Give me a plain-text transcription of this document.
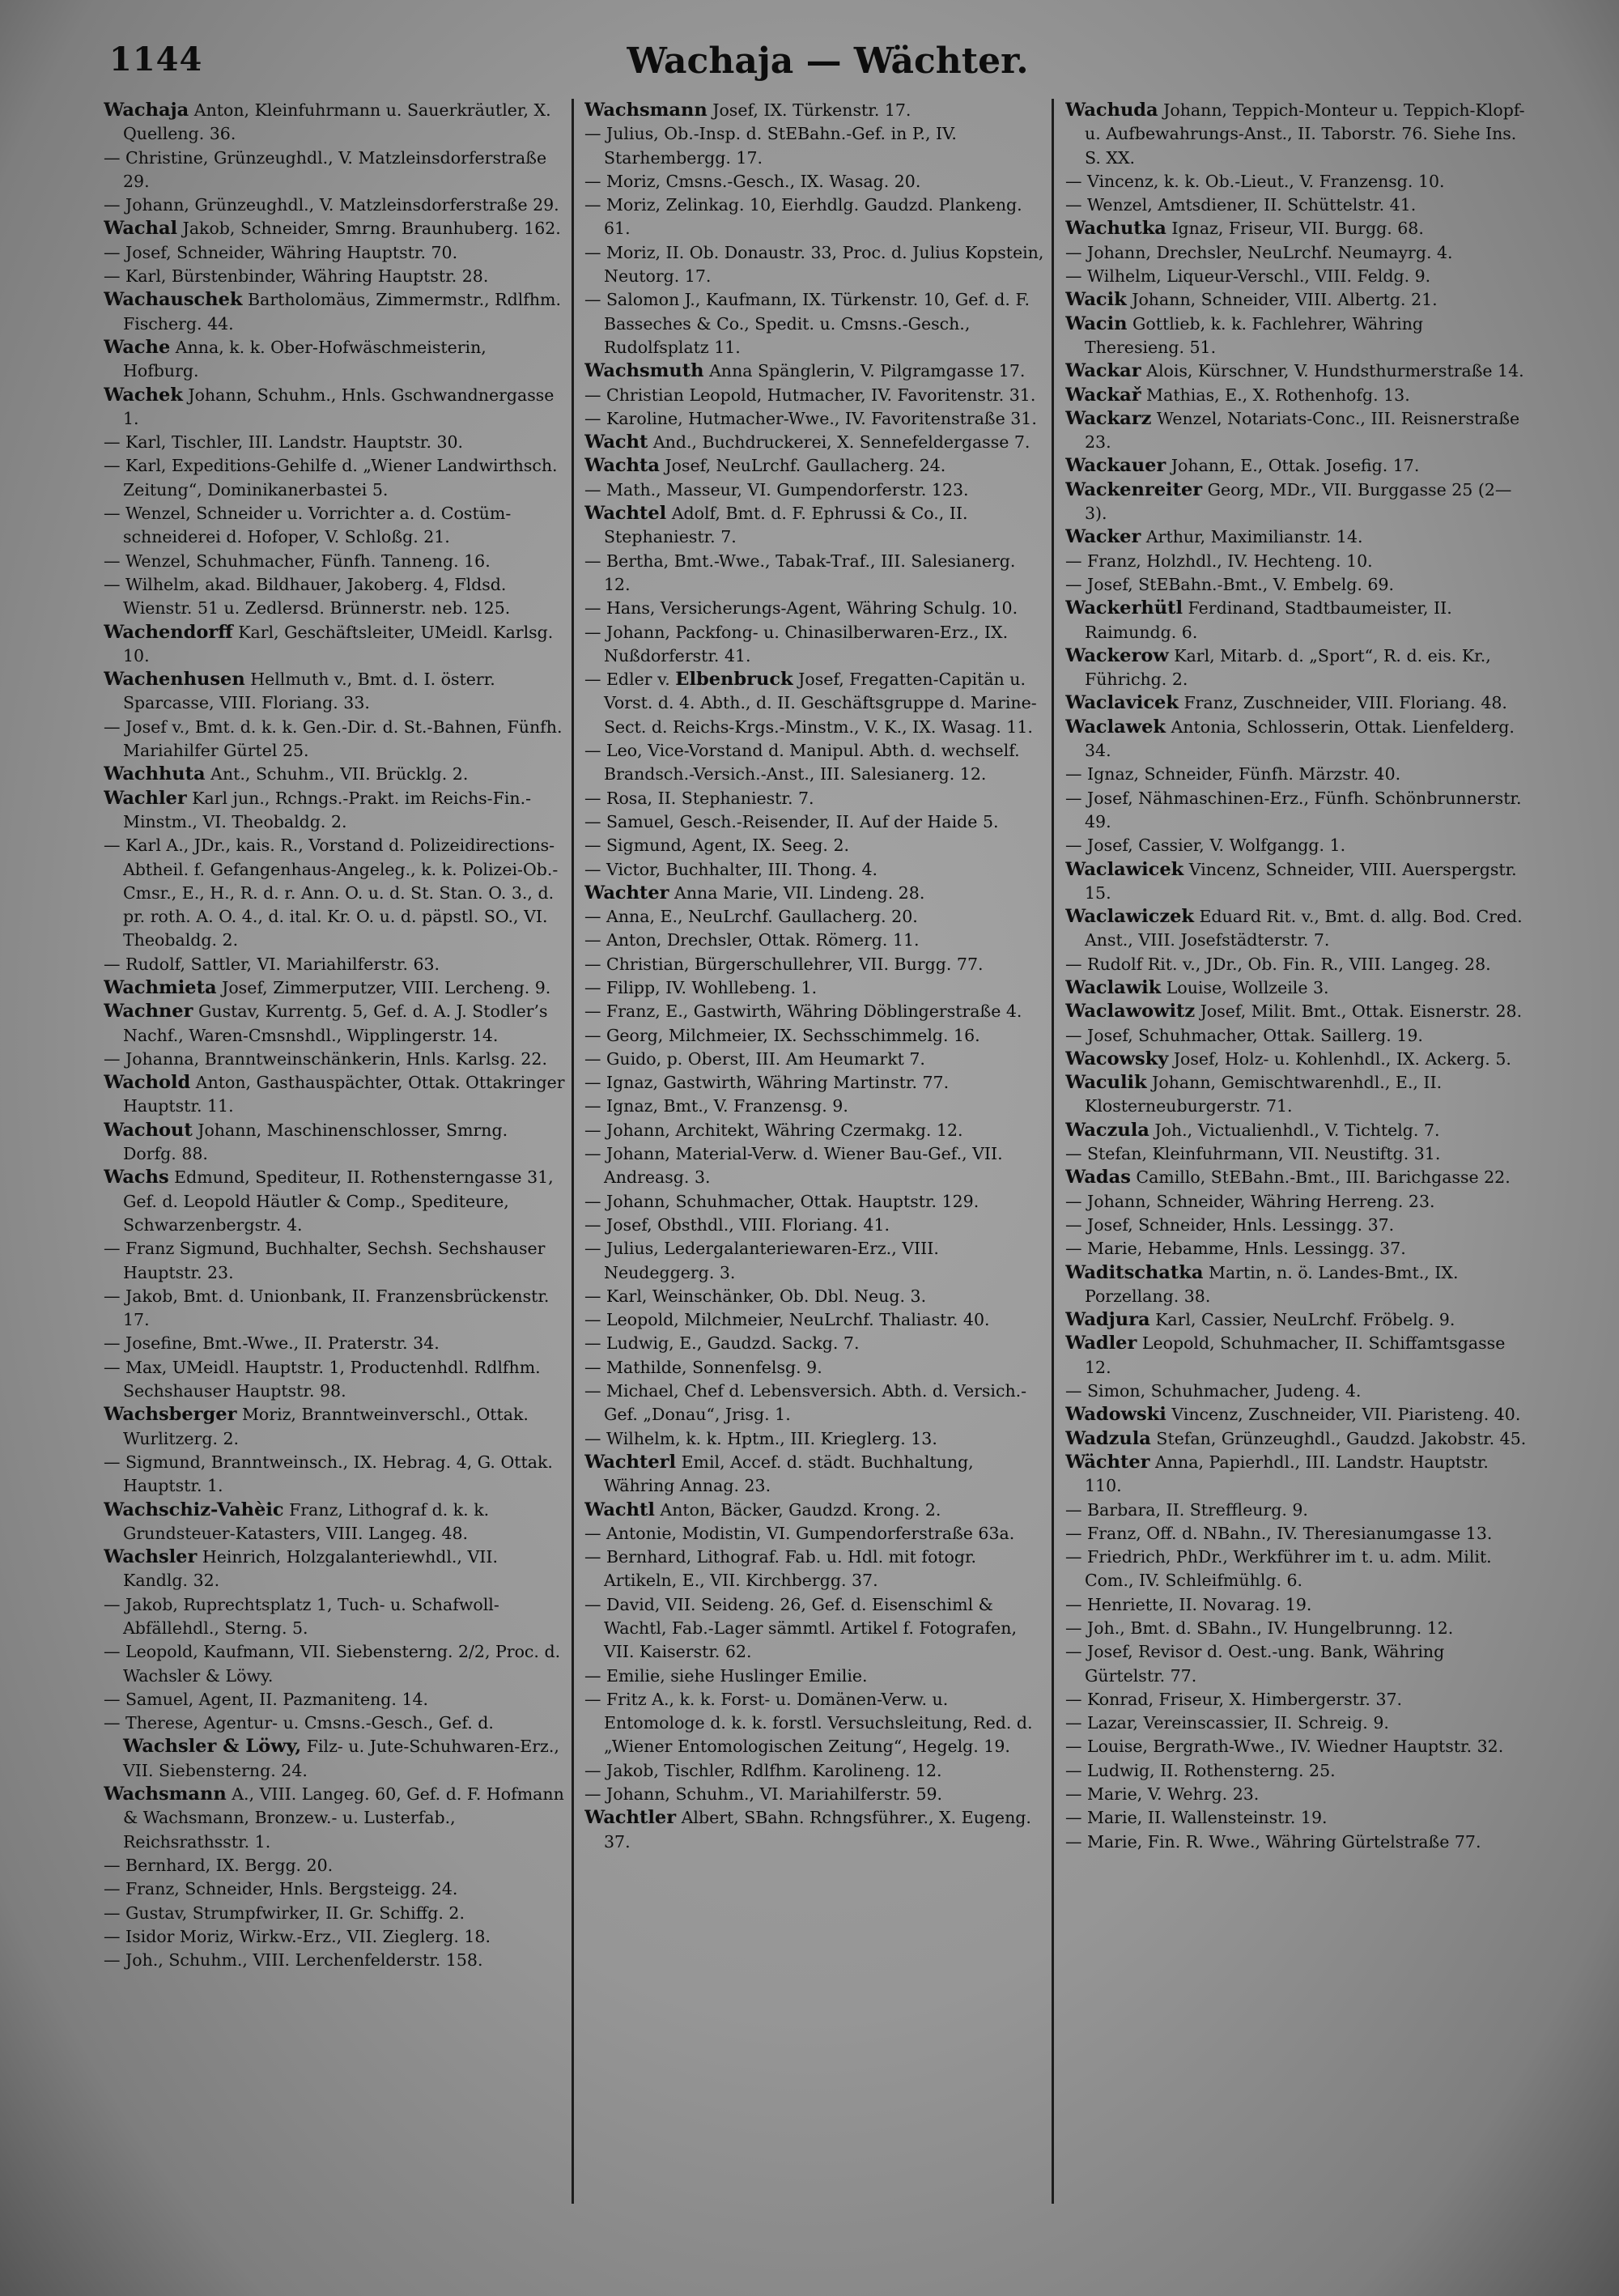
1144	Wachaja — Wächter.
Wachaja Anton, Kleinfuhrmann u. Sauerkräutler, X. Quelleng. 36.
— Christine, Grünzeughdl., V. Matzleinsdorferstraße 29.
— Johann, Grünzeughdl., V. Matzleinsdorferstraße 29.
Wachal Jakob, Schneider, Smrng. Braunhuberg. 162.
— Josef, Schneider, Währing Hauptstr. 70.
— Karl, Bürstenbinder, Währing Hauptstr. 28.
Wachauschek Bartholomäus, Zimmermstr., Rdlfhm. Fischerg. 44.
Wache Anna, k. k. Ober-Hofwäschmeisterin, Hofburg.
Wachek Johann, Schuhm., Hnls. Gschwandnergasse 1.
— Karl, Tischler, III. Landstr. Hauptstr. 30.
— Karl, Expeditions-Gehilfe d. „Wiener Landwirthsch. Zeitung“, Dominikanerbastei 5.
— Wenzel, Schneider u. Vorrichter a. d. Costümschneiderei d. Hofoper, V. Schloßg. 21.
— Wenzel, Schuhmacher, Fünfh. Tanneng. 16.
— Wilhelm, akad. Bildhauer, Jakoberg. 4, Fldsd. Wienstr. 51 u. Zedlersd. Brünnerstr. neb. 125.
Wachendorff Karl, Geschäftsleiter, UMeidl. Karlsg. 10.
Wachenhusen Hellmuth v., Bmt. d. I. österr. Sparcasse, VIII. Floriang. 33.
— Josef v., Bmt. d. k. k. Gen.-Dir. d. St.-Bahnen, Fünfh. Mariahilfer Gürtel 25.
Wachhuta Ant., Schuhm., VII. Brücklg. 2.
Wachler Karl jun., Rchngs.-Prakt. im Reichs-Fin.-Minstm., VI. Theobaldg. 2.
— Karl A., JDr., kais. R., Vorstand d. Polizeidirections-Abtheil. f. Gefangenhaus-Angeleg., k. k. Polizei-Ob.-Cmsr., E., H., R. d. r. Ann. O. u. d. St. Stan. O. 3., d. pr. roth. A. O. 4., d. ital. Kr. O. u. d. päpstl. SO., VI. Theobaldg. 2.
— Rudolf, Sattler, VI. Mariahilferstr. 63.
Wachmieta Josef, Zimmerputzer, VIII. Lercheng. 9.
Wachner Gustav, Kurrentg. 5, Gef. d. A. J. Stodler’s Nachf., Waren-Cmsnshdl., Wipplingerstr. 14.
— Johanna, Branntweinschänkerin, Hnls. Karlsg. 22.
Wachold Anton, Gasthauspächter, Ottak. Ottakringer Hauptstr. 11.
Wachout Johann, Maschinenschlosser, Smrng. Dorfg. 88.
Wachs Edmund, Spediteur, II. Rothensterngasse 31, Gef. d. Leopold Häutler & Comp., Spediteure, Schwarzenbergstr. 4.
— Franz Sigmund, Buchhalter, Sechsh. Sechshauser Hauptstr. 23.
— Jakob, Bmt. d. Unionbank, II. Franzensbrückenstr. 17.
— Josefine, Bmt.-Wwe., II. Praterstr. 34.
— Max, UMeidl. Hauptstr. 1, Productenhdl. Rdlfhm. Sechshauser Hauptstr. 98.
Wachsberger Moriz, Branntweinverschl., Ottak. Wurlitzerg. 2.
— Sigmund, Branntweinsch., IX. Hebrag. 4, G. Ottak. Hauptstr. 1.
Wachschiz-Vahèic Franz, Lithograf d. k. k. Grundsteuer-Katasters, VIII. Langeg. 48.
Wachsler Heinrich, Holzgalanteriewhdl., VII. Kandlg. 32.
— Jakob, Ruprechtsplatz 1, Tuch- u. Schafwoll-Abfällehdl., Sterng. 5.
— Leopold, Kaufmann, VII. Siebensterng. 2/2, Proc. d. Wachsler & Löwy.
— Samuel, Agent, II. Pazmaniteng. 14.
— Therese, Agentur- u. Cmsns.-Gesch., Gef. d. Wachsler & Löwy, Filz- u. Jute-Schuhwaren-Erz., VII. Siebensterng. 24.
Wachsmann A., VIII. Langeg. 60, Gef. d. F. Hofmann & Wachsmann, Bronzew.- u. Lusterfab., Reichsrathsstr. 1.
— Bernhard, IX. Bergg. 20.
— Franz, Schneider, Hnls. Bergsteigg. 24.
— Gustav, Strumpfwirker, II. Gr. Schiffg. 2.
— Isidor Moriz, Wirkw.-Erz., VII. Zieglerg. 18.
— Joh., Schuhm., VIII. Lerchenfelderstr. 158.
Wachsmann Josef, IX. Türkenstr. 17.
— Julius, Ob.-Insp. d. StEBahn.-Gef. in P., IV. Starhembergg. 17.
— Moriz, Cmsns.-Gesch., IX. Wasag. 20.
— Moriz, Zelinkag. 10, Eierhdlg. Gaudzd. Plankeng. 61.
— Moriz, II. Ob. Donaustr. 33, Proc. d. Julius Kopstein, Neutorg. 17.
— Salomon J., Kaufmann, IX. Türkenstr. 10, Gef. d. F. Basseches & Co., Spedit. u. Cmsns.-Gesch., Rudolfsplatz 11.
Wachsmuth Anna Spänglerin, V. Pilgramgasse 17.
— Christian Leopold, Hutmacher, IV. Favoritenstr. 31.
— Karoline, Hutmacher-Wwe., IV. Favoritenstraße 31.
Wacht And., Buchdruckerei, X. Sennefeldergasse 7.
Wachta Josef, NeuLrchf. Gaullacherg. 24.
— Math., Masseur, VI. Gumpendorferstr. 123.
Wachtel Adolf, Bmt. d. F. Ephrussi & Co., II. Stephaniestr. 7.
— Bertha, Bmt.-Wwe., Tabak-Traf., III. Salesianerg. 12.
— Hans, Versicherungs-Agent, Währing Schulg. 10.
— Johann, Packfong- u. Chinasilberwaren-Erz., IX. Nußdorferstr. 41.
— Edler v. Elbenbruck Josef, Fregatten-Capitän u. Vorst. d. 4. Abth., d. II. Geschäftsgruppe d. Marine-Sect. d. Reichs-Krgs.-Minstm., V. K., IX. Wasag. 11.
— Leo, Vice-Vorstand d. Manipul. Abth. d. wechself. Brandsch.-Versich.-Anst., III. Salesianerg. 12.
— Rosa, II. Stephaniestr. 7.
— Samuel, Gesch.-Reisender, II. Auf der Haide 5.
— Sigmund, Agent, IX. Seeg. 2.
— Victor, Buchhalter, III. Thong. 4.
Wachter Anna Marie, VII. Lindeng. 28.
— Anna, E., NeuLrchf. Gaullacherg. 20.
— Anton, Drechsler, Ottak. Römerg. 11.
— Christian, Bürgerschullehrer, VII. Burgg. 77.
— Filipp, IV. Wohllebeng. 1.
— Franz, E., Gastwirth, Währing Döblingerstraße 4.
— Georg, Milchmeier, IX. Sechsschimmelg. 16.
— Guido, p. Oberst, III. Am Heumarkt 7.
— Ignaz, Gastwirth, Währing Martinstr. 77.
— Ignaz, Bmt., V. Franzensg. 9.
— Johann, Architekt, Währing Czermakg. 12.
— Johann, Material-Verw. d. Wiener Bau-Gef., VII. Andreasg. 3.
— Johann, Schuhmacher, Ottak. Hauptstr. 129.
— Josef, Obsthdl., VIII. Floriang. 41.
— Julius, Ledergalanteriewaren-Erz., VIII. Neudeggerg. 3.
— Karl, Weinschänker, Ob. Dbl. Neug. 3.
— Leopold, Milchmeier, NeuLrchf. Thaliastr. 40.
— Ludwig, E., Gaudzd. Sackg. 7.
— Mathilde, Sonnenfelsg. 9.
— Michael, Chef d. Lebensversich. Abth. d. Versich.-Gef. „Donau“, Jrisg. 1.
— Wilhelm, k. k. Hptm., III. Krieglerg. 13.
Wachterl Emil, Accef. d. städt. Buchhaltung, Währing Annag. 23.
Wachtl Anton, Bäcker, Gaudzd. Krong. 2.
— Antonie, Modistin, VI. Gumpendorferstraße 63a.
— Bernhard, Lithograf. Fab. u. Hdl. mit fotogr. Artikeln, E., VII. Kirchbergg. 37.
— David, VII. Seideng. 26, Gef. d. Eisenschiml & Wachtl, Fab.-Lager sämmtl. Artikel f. Fotografen, VII. Kaiserstr. 62.
— Emilie, siehe Huslinger Emilie.
— Fritz A., k. k. Forst- u. Domänen-Verw. u. Entomologe d. k. k. forstl. Versuchsleitung, Red. d. „Wiener Entomologischen Zeitung“, Hegelg. 19.
— Jakob, Tischler, Rdlfhm. Karolineng. 12.
— Johann, Schuhm., VI. Mariahilferstr. 59.
Wachtler Albert, SBahn. Rchngsführer., X. Eugeng. 37.
Wachuda Johann, Teppich-Monteur u. Teppich-Klopf- u. Aufbewahrungs-Anst., II. Taborstr. 76. Siehe Ins. S. XX.
— Vincenz, k. k. Ob.-Lieut., V. Franzensg. 10.
— Wenzel, Amtsdiener, II. Schüttelstr. 41.
Wachutka Ignaz, Friseur, VII. Burgg. 68.
— Johann, Drechsler, NeuLrchf. Neumayrg. 4.
— Wilhelm, Liqueur-Verschl., VIII. Feldg. 9.
Wacik Johann, Schneider, VIII. Albertg. 21.
Wacin Gottlieb, k. k. Fachlehrer, Währing Theresieng. 51.
Wackar Alois, Kürschner, V. Hundsthurmerstraße 14.
Wackař Mathias, E., X. Rothenhofg. 13.
Wackarz Wenzel, Notariats-Conc., III. Reisnerstraße 23.
Wackauer Johann, E., Ottak. Josefig. 17.
Wackenreiter Georg, MDr., VII. Burggasse 25 (2—3).
Wacker Arthur, Maximilianstr. 14.
— Franz, Holzhdl., IV. Hechteng. 10.
— Josef, StEBahn.-Bmt., V. Embelg. 69.
Wackerhütl Ferdinand, Stadtbaumeister, II. Raimundg. 6.
Wackerow Karl, Mitarb. d. „Sport“, R. d. eis. Kr., Führichg. 2.
Waclavicek Franz, Zuschneider, VIII. Floriang. 48.
Waclawek Antonia, Schlosserin, Ottak. Lienfelderg. 34.
— Ignaz, Schneider, Fünfh. Märzstr. 40.
— Josef, Nähmaschinen-Erz., Fünfh. Schönbrunnerstr. 49.
— Josef, Cassier, V. Wolfgangg. 1.
Waclawicek Vincenz, Schneider, VIII. Auerspergstr. 15.
Waclawiczek Eduard Rit. v., Bmt. d. allg. Bod. Cred. Anst., VIII. Josefstädterstr. 7.
— Rudolf Rit. v., JDr., Ob. Fin. R., VIII. Langeg. 28.
Waclawik Louise, Wollzeile 3.
Waclawowitz Josef, Milit. Bmt., Ottak. Eisnerstr. 28.
— Josef, Schuhmacher, Ottak. Saillerg. 19.
Wacowsky Josef, Holz- u. Kohlenhdl., IX. Ackerg. 5.
Waculik Johann, Gemischtwarenhdl., E., II. Klosterneuburgerstr. 71.
Waczula Joh., Victualienhdl., V. Tichtelg. 7.
— Stefan, Kleinfuhrmann, VII. Neustiftg. 31.
Wadas Camillo, StEBahn.-Bmt., III. Barichgasse 22.
— Johann, Schneider, Währing Herreng. 23.
— Josef, Schneider, Hnls. Lessingg. 37.
— Marie, Hebamme, Hnls. Lessingg. 37.
Waditschatka Martin, n. ö. Landes-Bmt., IX. Porzellang. 38.
Wadjura Karl, Cassier, NeuLrchf. Fröbelg. 9.
Wadler Leopold, Schuhmacher, II. Schiffamtsgasse 12.
— Simon, Schuhmacher, Judeng. 4.
Wadowski Vincenz, Zuschneider, VII. Piaristeng. 40.
Wadzula Stefan, Grünzeughdl., Gaudzd. Jakobstr. 45.
Wächter Anna, Papierhdl., III. Landstr. Hauptstr. 110.
— Barbara, II. Streffleurg. 9.
— Franz, Off. d. NBahn., IV. Theresianumgasse 13.
— Friedrich, PhDr., Werkführer im t. u. adm. Milit. Com., IV. Schleifmühlg. 6.
— Henriette, II. Novarag. 19.
— Joh., Bmt. d. SBahn., IV. Hungelbrunng. 12.
— Josef, Revisor d. Oest.-ung. Bank, Währing Gürtelstr. 77.
— Konrad, Friseur, X. Himbergerstr. 37.
— Lazar, Vereinscassier, II. Schreig. 9.
— Louise, Bergrath-Wwe., IV. Wiedner Hauptstr. 32.
— Ludwig, II. Rothensterng. 25.
— Marie, V. Wehrg. 23.
— Marie, II. Wallensteinstr. 19.
— Marie, Fin. R. Wwe., Währing Gürtelstraße 77.
